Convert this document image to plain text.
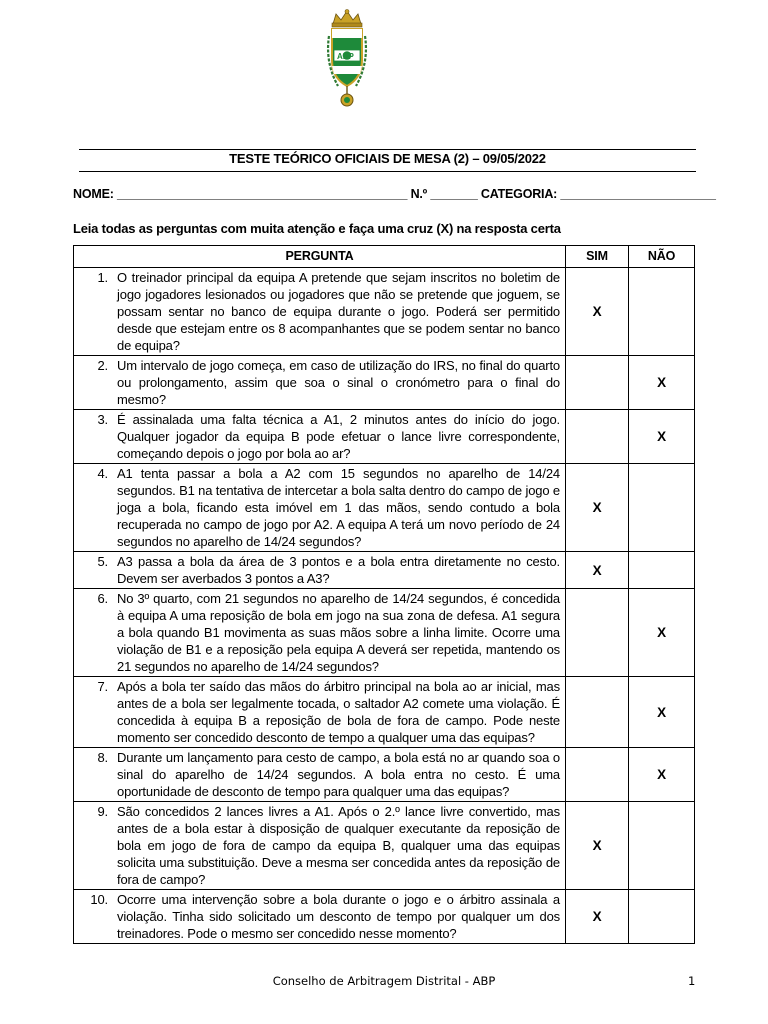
ABP
TESTE TEÓRICO OFICIAIS DE MESA (2) – 09/05/2022
NOME: ___________________________________________ N.º _______ CATEGORIA: _______________________
Leia todas as perguntas com muita atenção e faça uma cruz (X) na resposta certa
PERGUNTA	SIM	NÃO

1. O treinador principal da equipa A pretende que sejam inscritos no boletim de jogo jogadores lesionados ou jogadores que não se pretende que joguem, se possam sentar no banco de equipa durante o jogo. Poderá ser permitido desde que estejam entre os 8 acompanhantes que se podem sentar no banco de equipa?	X	

2. Um intervalo de jogo começa, em caso de utilização do IRS, no final do quarto ou prolongamento, assim que soa o sinal o cronómetro para o final do mesmo?		X

3. É assinalada uma falta técnica a A1, 2 minutos antes do início do jogo. Qualquer jogador da equipa B pode efetuar o lance livre correspondente, começando depois o jogo por bola ao ar?		X

4. A1 tenta passar a bola a A2 com 15 segundos no aparelho de 14/24 segundos. B1 na tentativa de intercetar a bola salta dentro do campo de jogo e joga a bola, ficando esta imóvel em 1 das mãos, sendo contudo a bola recuperada no campo de jogo por A2. A equipa A terá um novo período de 24 segundos no aparelho de 14/24 segundos?	X	

5. A3 passa a bola da área de 3 pontos e a bola entra diretamente no cesto. Devem ser averbados 3 pontos a A3?	X	

6. No 3º quarto, com 21 segundos no aparelho de 14/24 segundos, é concedida à equipa A uma reposição de bola em jogo na sua zona de defesa. A1 segura a bola quando B1 movimenta as suas mãos sobre a linha limite. Ocorre uma violação de B1 e a reposição pela equipa A deverá ser repetida, mantendo os 21 segundos no aparelho de 14/24 segundos?		X

7. Após a bola ter saído das mãos do árbitro principal na bola ao ar inicial, mas antes de a bola ser legalmente tocada, o saltador A2 comete uma violação. É concedida à equipa B a reposição de bola de fora de campo. Pode neste momento ser concedido desconto de tempo a qualquer uma das equipas?		X

8. Durante um lançamento para cesto de campo, a bola está no ar quando soa o sinal do aparelho de 14/24 segundos. A bola entra no cesto. É uma oportunidade de desconto de tempo para qualquer uma das equipas?		X

9. São concedidos 2 lances livres a A1. Após o 2.º lance livre convertido, mas antes de a bola estar à disposição de qualquer executante da reposição de bola em jogo de fora de campo da equipa B, qualquer uma das equipas solicita uma substituição. Deve a mesma ser concedida antes da reposição de fora de campo?	X	

10. Ocorre uma intervenção sobre a bola durante o jogo e o árbitro assinala a violação. Tinha sido solicitado um desconto de tempo por qualquer um dos treinadores. Pode o mesmo ser concedido nesse momento?	X	
Conselho de Arbitragem Distrital - ABP	1
